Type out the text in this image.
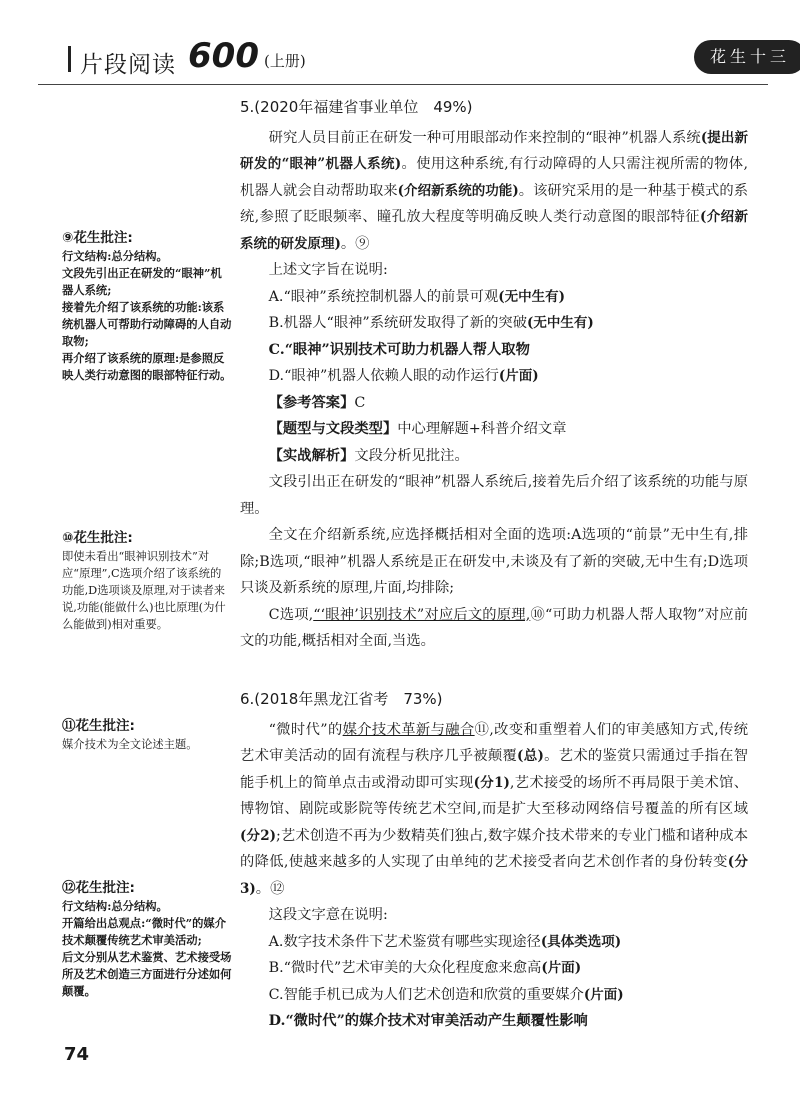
片段阅读 600 (上册)	花生十三
⑨花生批注:
行文结构:总分结构。
文段先引出正在研发的“眼神”机器人系统;
接着先介绍了该系统的功能:该系统机器人可帮助行动障碍的人自动取物;
再介绍了该系统的原理:是参照反映人类行动意图的眼部特征行动。
⑩花生批注:
即使未看出“眼神识别技术”对应“原理”,C选项介绍了该系统的功能,D选项谈及原理,对于读者来说,功能(能做什么)也比原理(为什么能做到)相对重要。
⑪花生批注:
媒介技术为全文论述主题。
⑫花生批注:
行文结构:总分结构。
开篇给出总观点:“微时代”的媒介技术颠覆传统艺术审美活动;
后文分别从艺术鉴赏、艺术接受场所及艺术创造三方面进行分述如何颠覆。
5.(2020年福建省事业单位　49%)

研究人员目前正在研发一种可用眼部动作来控制的“眼神”机器人系统(提出新研发的“眼神”机器人系统)。使用这种系统,有行动障碍的人只需注视所需的物体,机器人就会自动帮助取来(介绍新系统的功能)。该研究采用的是一种基于模式的系统,参照了眨眼频率、瞳孔放大程度等明确反映人类行动意图的眼部特征(介绍新系统的研发原理)。⑨

上述文字旨在说明:

A.“眼神”系统控制机器人的前景可观(无中生有)

B.机器人“眼神”系统研发取得了新的突破(无中生有)

C.“眼神”识别技术可助力机器人帮人取物

D.“眼神”机器人依赖人眼的动作运行(片面)

【参考答案】C

【题型与文段类型】中心理解题+科普介绍文章

【实战解析】文段分析见批注。

文段引出正在研发的“眼神”机器人系统后,接着先后介绍了该系统的功能与原理。

全文在介绍新系统,应选择概括相对全面的选项:A选项的“前景”无中生有,排除;B选项,“眼神”机器人系统是正在研发中,未谈及有了新的突破,无中生有;D选项只谈及新系统的原理,片面,均排除;

C选项,“‘眼神’识别技术”对应后文的原理,⑩“可助力机器人帮人取物”对应前文的功能,概括相对全面,当选。

6.(2018年黑龙江省考　73%)

“微时代”的媒介技术革新与融合⑪,改变和重塑着人们的审美感知方式,传统艺术审美活动的固有流程与秩序几乎被颠覆(总)。艺术的鉴赏只需通过手指在智能手机上的简单点击或滑动即可实现(分1),艺术接受的场所不再局限于美术馆、博物馆、剧院或影院等传统艺术空间,而是扩大至移动网络信号覆盖的所有区域(分2);艺术创造不再为少数精英们独占,数字媒介技术带来的专业门槛和诸种成本的降低,使越来越多的人实现了由单纯的艺术接受者向艺术创作者的身份转变(分3)。⑫

这段文字意在说明:

A.数字技术条件下艺术鉴赏有哪些实现途径(具体类选项)

B.“微时代”艺术审美的大众化程度愈来愈高(片面)

C.智能手机已成为人们艺术创造和欣赏的重要媒介(片面)

D.“微时代”的媒介技术对审美活动产生颠覆性影响

74
